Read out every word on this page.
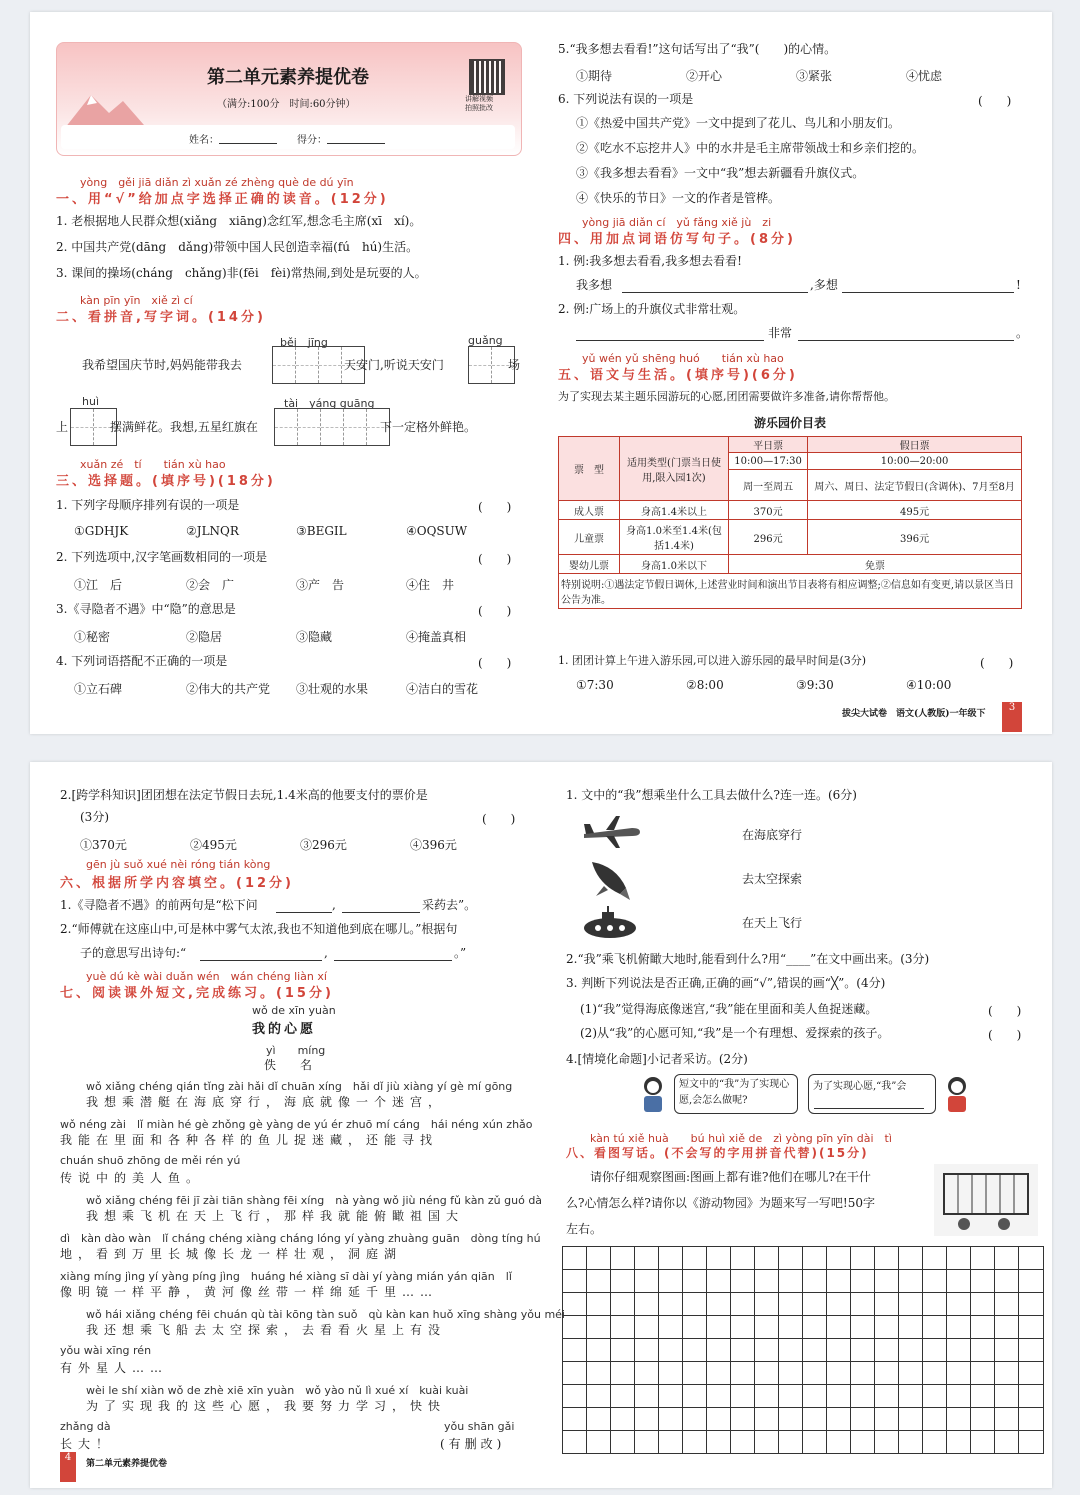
第二单元素养提优卷
（满分:100分　时间:60分钟）	讲解视频
拍照批改
姓名：	得分：
yòng　gěi jiā diǎn zì xuǎn zé zhèng què de dú yīn
一、用“√”给加点字选择正确的读音。(12分)
1. 老根据地人民群众想(xiǎng　xiāng)念红军,想念毛主席(xī　xí)。
2. 中国共产党(dāng　dǎng)带领中国人民创造幸福(fú　hú)生活。
3. 课间的操场(cháng　chǎng)非(fēi　fèi)常热闹,到处是玩耍的人。
kàn pīn yīn　xiě zì cí
二、看拼音,写字词。(14分)
běi　jīng	guǎng
我希望国庆节时,妈妈能带我去	天安门,听说天安门	场
huì	tài　yáng guāng
上	摆满鲜花。我想,五星红旗在	下一定格外鲜艳。
xuǎn zé　tí　　tián xù hao
三、选择题。(填序号)(18分)
1. 下列字母顺序排列有误的一项是	(　　)
①GDHJK	②JLNQR	③BEGIL	④OQSUW
2. 下列选项中,汉字笔画数相同的一项是	(　　)
①江　后	②会　广	③产　告	④住　井
3.《寻隐者不遇》中“隐”的意思是	(　　)
①秘密	②隐居	③隐藏	④掩盖真相
4. 下列词语搭配不正确的一项是	(　　)
①立石碑	②伟大的共产党 ③壮观的水果	④洁白的雪花
5.“我多想去看看!”这句话写出了“我”(　　)的心情。
①期待	②开心	③紧张	④忧虑
6. 下列说法有误的一项是	(　　)
①《热爱中国共产党》一文中提到了花儿、鸟儿和小朋友们。
②《吃水不忘挖井人》中的水井是毛主席带领战士和乡亲们挖的。
③《我多想去看看》一文中“我”想去新疆看升旗仪式。
④《快乐的节日》一文的作者是管桦。
yòng jiā diǎn cí　yǔ fǎng xiě jù　zi
四、用加点词语仿写句子。(8分)
1. 例:我多想去看看,我多想去看看!
我多想	,多想	!
2. 例:广场上的升旗仪式非常壮观。
非常	。
yǔ wén yǔ shēng huó　　tián xù hao
五、语文与生活。(填序号)(6分)
为了实现去某主题乐园游玩的心愿,团团需要做许多准备,请你帮帮他。
游乐园价目表
票　型	适用类型(门票当日使用,限入园1次)	平日票	假日票
		10:00—17:30	10:00—20:00
		周一至周五	周六、周日、法定节假日(含调休)、7月至8月
成人票	身高1.4米以上	370元	495元
儿童票	身高1.0米至1.4米(包括1.4米)	296元	396元
婴幼儿票	身高1.0米以下	免票	
特别说明:①遇法定节假日调休,上述营业时间和演出节目表将有相应调整;②信息如有变更,请以景区当日公告为准。			
1. 团团计算上午进入游乐园,可以进入游乐园的最早时间是(3分)	(　　)
①7:30	②8:00	③9:30	④10:00
拔尖大试卷　语文(人教版)一年级下
3
2.[跨学科知识]团团想在法定节假日去玩,1.4米高的他要支付的票价是
(3分)	(　　)
①370元	②495元	③296元	④396元
gēn jù suǒ xué nèi róng tián kòng
六、根据所学内容填空。(12分)
1.《寻隐者不遇》的前两句是“松下问	,	采药去”。
2.“师傅就在这座山中,可是林中雾气太浓,我也不知道他到底在哪儿。”根据句
子的意思写出诗句:“	,	。”
yuè dú kè wài duǎn wén　wán chéng liàn xí
七、阅读课外短文,完成练习。(15分)
wǒ de xīn yuàn
我的心愿
yì　　míng
佚　　名
wǒ xiǎng chéng qián tǐng zài hǎi dǐ chuān xíng　hǎi dǐ jiù xiàng yí gè mí gōng
我想乘潜艇在海底穿行，海底就像一个迷宫，
wǒ néng zài　lǐ miàn hé gè zhǒng gè yàng de yú ér zhuō mí cáng　hái néng xún zhǎo
我能在里面和各种各样的鱼儿捉迷藏，还能寻找
chuán shuō zhōng de měi rén yú
传说中的美人鱼。
wǒ xiǎng chéng fēi jī zài tiān shàng fēi xíng　nà yàng wǒ jiù néng fǔ kàn zǔ guó dà
我想乘飞机在天上飞行，那样我就能俯瞰祖国大
dì　kàn dào wàn　lǐ cháng chéng xiàng cháng lóng yí yàng zhuàng guān　dòng tíng hú
地，看到万里长城像长龙一样壮观，洞庭湖
xiàng míng jìng yí yàng píng jìng　huáng hé xiàng sī dài yí yàng mián yán qiān　lǐ
像明镜一样平静，黄河像丝带一样绵延千里……
wǒ hái xiǎng chéng fēi chuán qù tài kōng tàn suǒ　qù kàn kan huǒ xīng shàng yǒu méi
我还想乘飞船去太空探索，去看看火星上有没
yǒu wài xīng rén
有外星人……
wèi le shí xiàn wǒ de zhè xiē xīn yuàn　wǒ yào nǔ lì xué xí　kuài kuài
为了实现我的这些心愿，我要努力学习，快快
zhǎng dà
长大！
yǒu shān gǎi
(有删改)
4
第二单元素养提优卷
1. 文中的“我”想乘坐什么工具去做什么?连一连。(6分)
在海底穿行
去太空探索
在天上飞行
2.“我”乘飞机俯瞰大地时,能看到什么?用“____”在文中画出来。(3分)
3. 判断下列说法是否正确,正确的画“√”,错误的画“╳”。(4分)
(1)“我”觉得海底像迷宫,“我”能在里面和美人鱼捉迷藏。	(　　)
(2)从“我”的心愿可知,“我”是一个有理想、爱探索的孩子。	(　　)
4.[情境化命题]小记者采访。(2分)
短文中的“我”为了实现心愿,会怎么做呢?
为了实现心愿,“我”会
kàn tú xiě huà　　bú huì xiě de　zì yòng pīn yīn dài　tì
八、看图写话。(不会写的字用拼音代替)(15分)
请你仔细观察图画:图画上都有谁?他们在哪儿?在干什
么?心情怎么样?请你以《游动物园》为题来写一写吧!50字
左右。
